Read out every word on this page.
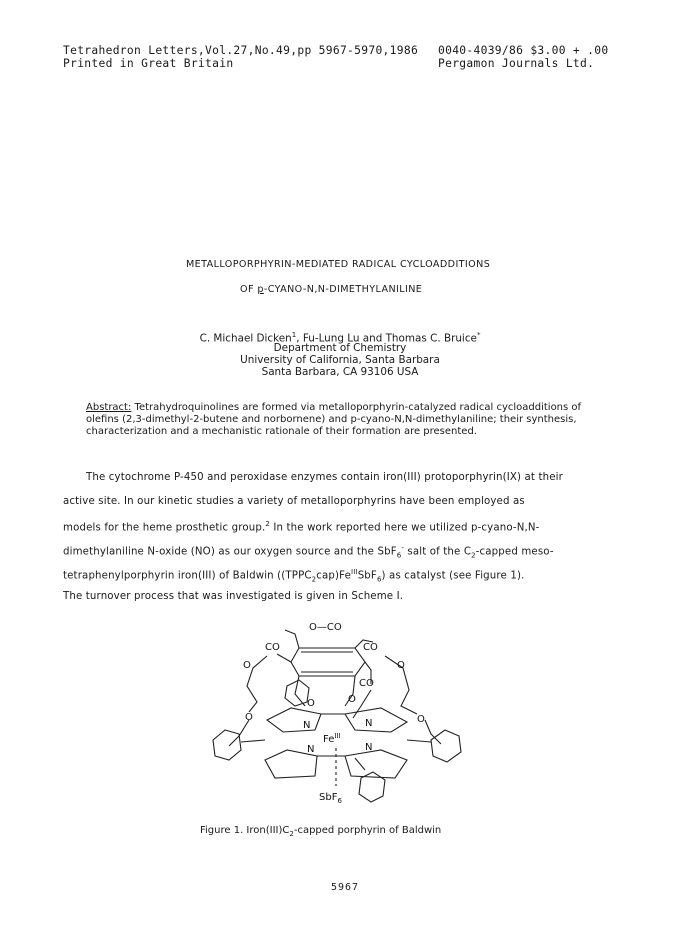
Tetrahedron Letters,Vol.27,No.49,pp 5967-5970,1986 0040-4039/86 $3.00 + .00
Printed in Great Britain	Pergamon Journals Ltd.
METALLOPORPHYRIN-MEDIATED RADICAL CYCLOADDITIONS
OF p-CYANO-N,N-DIMETHYLANILINE
C. Michael Dicken$^1$, Fu-Lung Lu and Thomas C. Bruice*
Department of Chemistry
University of California, Santa Barbara
Santa Barbara, CA 93106 USA
Abstract: Tetrahydroquinolines are formed via metalloporphyrin-catalyzed radical cycloadditions of olefins (2,3-dimethyl-2-butene and norbornene) and p-cyano-N,N-dimethylaniline; their synthesis, characterization and a mechanistic rationale of their formation are presented.
The cytochrome P-450 and peroxidase enzymes contain iron(III) protoporphyrin(IX) at their
active site. In our kinetic studies a variety of metalloporphyrins have been employed as
models for the heme prosthetic group.$^2$ In the work reported here we utilized p-cyano-N,N-
dimethylaniline N-oxide (NO) as our oxygen source and the SbF$_6$- salt of the $C_2$-capped meso-
tetraphenylporphyrin iron(III) of Baldwin $((TPPC_2cap)Fe^{III}SbF_6)$ as catalyst (see Figure 1).
The turnover process that was investigated is given in Scheme I.
O—CO
CO	CO
CO
O	O
O	O
O	O
N	N
N	N
$Fe^{III}$
SbF$_6$
Figure 1. $Iron(III)C_2$-capped porphyrin of Baldwin
5967
